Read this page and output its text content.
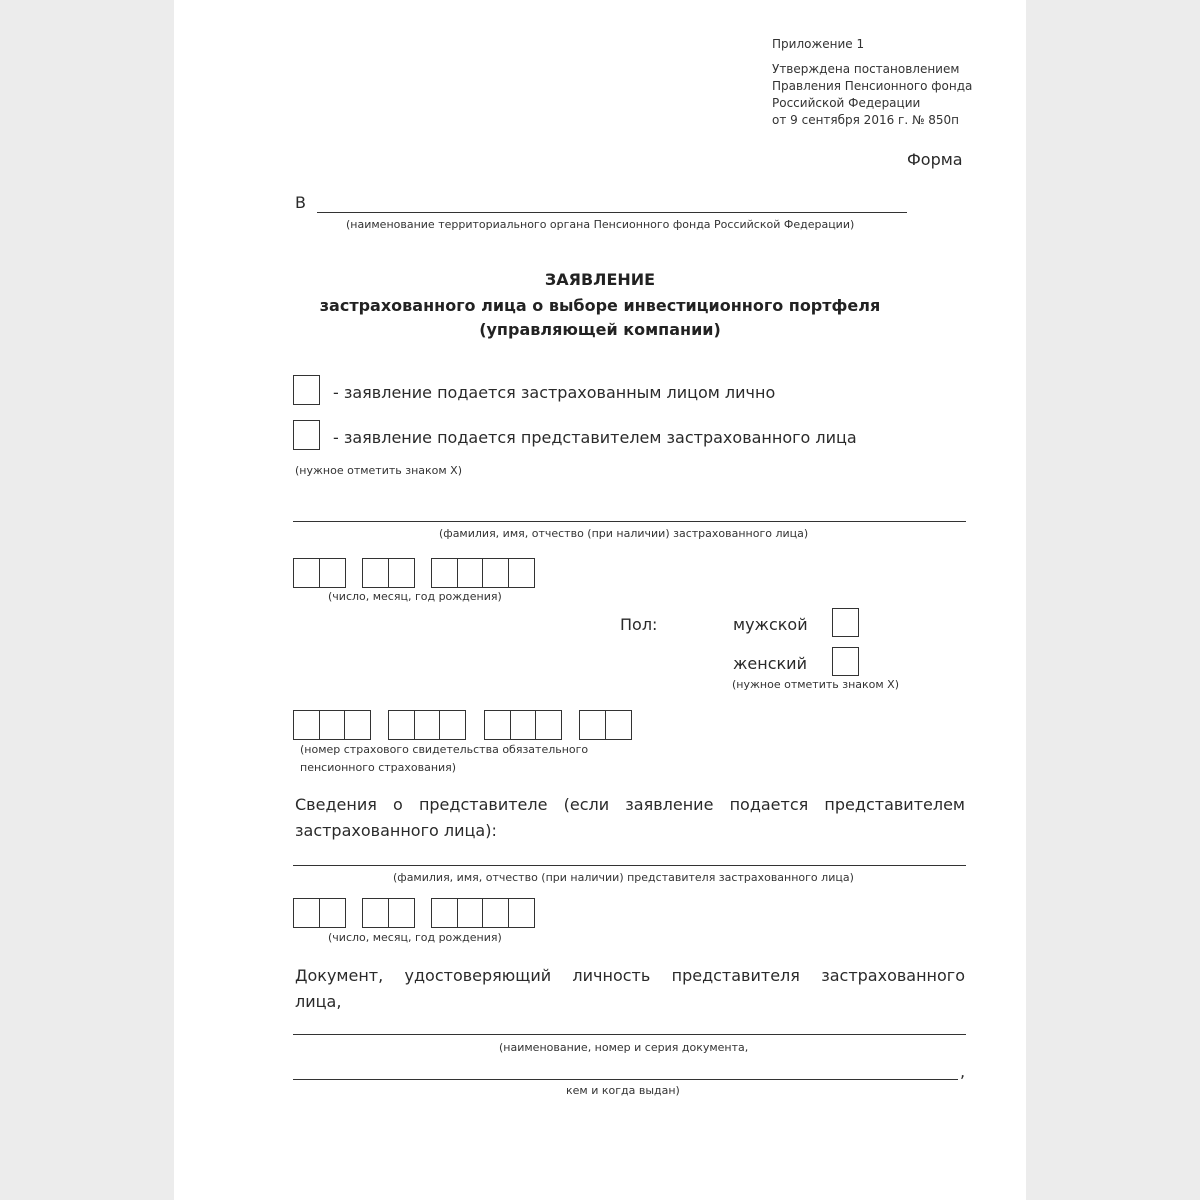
Приложение 1
Утверждена постановлением
Правления Пенсионного фонда
Российской Федерации
от 9 сентября 2016 г. № 850п
Форма
В
(наименование территориального органа Пенсионного фонда Российской Федерации)
ЗАЯВЛЕНИЕ
застрахованного лица о выборе инвестиционного портфеля
(управляющей компании)
- заявление подается застрахованным лицом лично
- заявление подается представителем застрахованного лица
(нужное отметить знаком Х)
(фамилия, имя, отчество (при наличии) застрахованного лица)
(число, месяц, год рождения)
Пол:	мужской
женский
(нужное отметить знаком Х)
(номер страхового свидетельства обязательного
пенсионного страхования)
Сведения о представителе (если заявление подается представителем
застрахованного лица):
(фамилия, имя, отчество (при наличии) представителя застрахованного лица)
(число, месяц, год рождения)
Документ, удостоверяющий личность представителя застрахованного
лица,
(наименование, номер и серия документа,
,
кем и когда выдан)
